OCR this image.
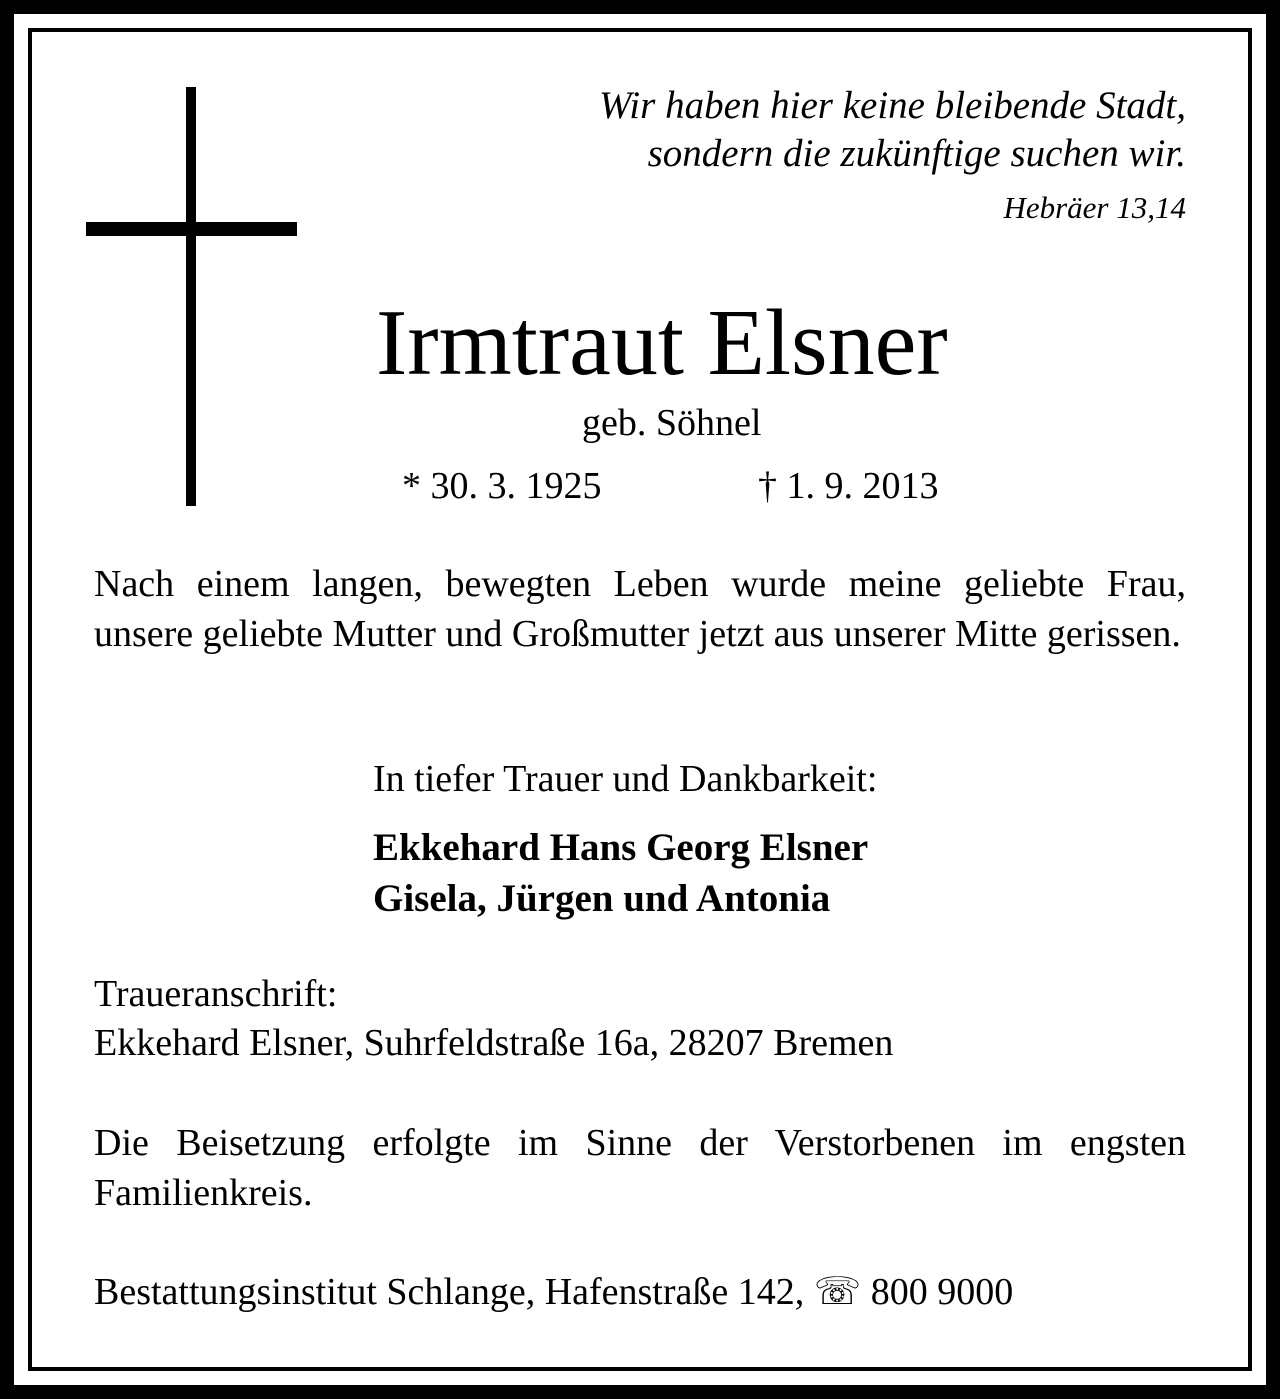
Wir haben hier keine bleibende Stadt,
sondern die zukünftige suchen wir.
Hebräer 13,14
Irmtraut Elsner
geb. Söhnel
* 30. 3. 1925	† 1. 9. 2013
Nach einem langen, bewegten Leben wurde meine geliebte Frau, unsere geliebte Mutter und Großmutter jetzt aus unserer Mitte gerissen.
In tiefer Trauer und Dankbarkeit:
Ekkehard Hans Georg Elsner
Gisela, Jürgen und Antonia
Traueranschrift:
Ekkehard Elsner, Suhrfeldstraße 16a, 28207 Bremen
Die Beisetzung erfolgte im Sinne der Verstorbenen im engsten Familienkreis.
Bestattungsinstitut Schlange, Hafenstraße 142, ☏ 800 9000
